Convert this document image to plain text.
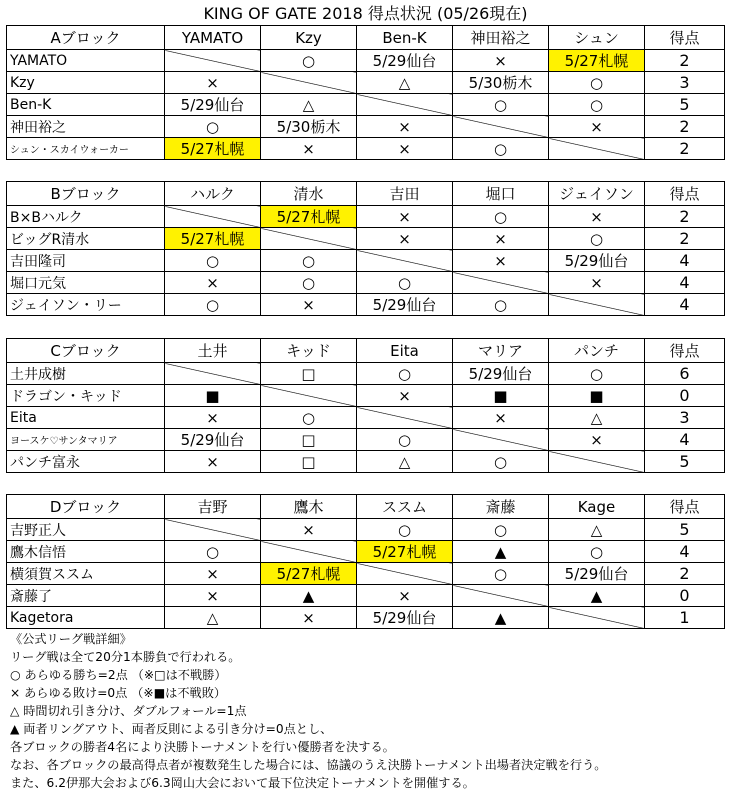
KING OF GATE 2018 得点状況 (05/26現在)
Aブロック	YAMATO	Kzy	Ben-K	神田裕之	シュン	得点
YAMATO		○	5/29仙台	×	5/27札幌	2
Kzy	×		△	5/30栃木	○	3
Ben-K	5/29仙台	△		○	○	5
神田裕之	○	5/30栃木	×		×	2
シュン・スカイウォーカー	5/27札幌	×	×	○		2
Bブロック	ハルク	清水	吉田	堀口	ジェイソン	得点
B×Bハルク		5/27札幌	×	○	×	2
ビッグR清水	5/27札幌		×	×	○	2
吉田隆司	○	○		×	5/29仙台	4
堀口元気	×	○	○		×	4
ジェイソン・リー	○	×	5/29仙台	○		4
Cブロック	土井	キッド	Eita	マリア	パンチ	得点
土井成樹		□	○	5/29仙台	○	6
ドラゴン・キッド	■		×	■	■	0
Eita	×	○		×	△	3
ヨースケ♡サンタマリア	5/29仙台	□	○		×	4
パンチ富永	×	□	△	○		5
Dブロック	吉野	鷹木	ススム	斎藤	Kage	得点
吉野正人		×	○	○	△	5
鷹木信悟	○		5/27札幌	▲	○	4
横須賀ススム	×	5/27札幌		○	5/29仙台	2
斎藤了	×	▲	×		▲	0
Kagetora	△	×	5/29仙台	▲		1
《公式リーグ戦詳細》
リーグ戦は全て20分1本勝負で行われる。
○ あらゆる勝ち=2点 （※□は不戦勝）
× あらゆる敗け=0点 （※■は不戦敗）
△ 時間切れ引き分け、ダブルフォール=1点
▲ 両者リングアウト、両者反則による引き分け=0点とし、
各ブロックの勝者4名により決勝トーナメントを行い優勝者を決する。
なお、各ブロックの最高得点者が複数発生した場合には、協議のうえ決勝トーナメント出場者決定戦を行う。
また、6.2伊那大会および6.3岡山大会において最下位決定トーナメントを開催する。
